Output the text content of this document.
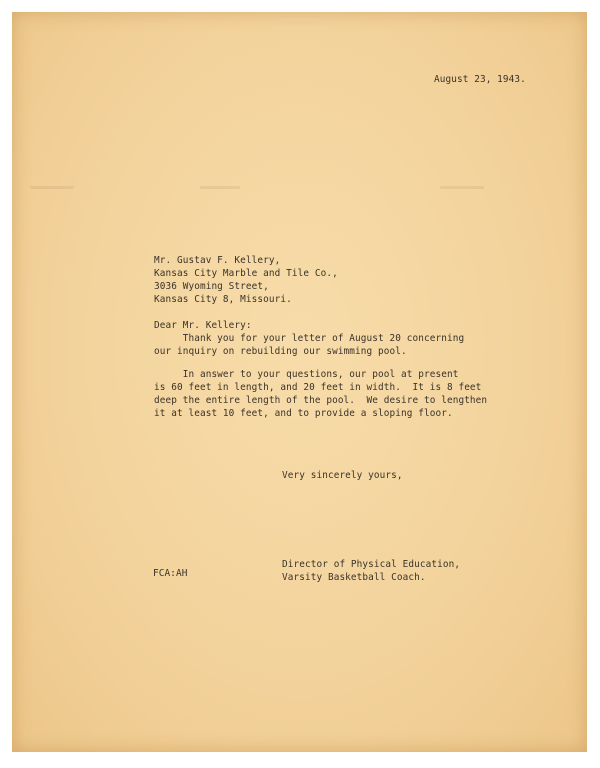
August 23, 1943.
Mr. Gustav F. Kellery,
Kansas City Marble and Tile Co.,
3036 Wyoming Street,
Kansas City 8, Missouri.
Dear Mr. Kellery:
Thank you for your letter of August 20 concerning
our inquiry on rebuilding our swimming pool.
In answer to your questions, our pool at present
is 60 feet in length, and 20 feet in width.  It is 8 feet
deep the entire length of the pool.  We desire to lengthen
it at least 10 feet, and to provide a sloping floor.
Very sincerely yours,
FCA:AH
Director of Physical Education,
Varsity Basketball Coach.
